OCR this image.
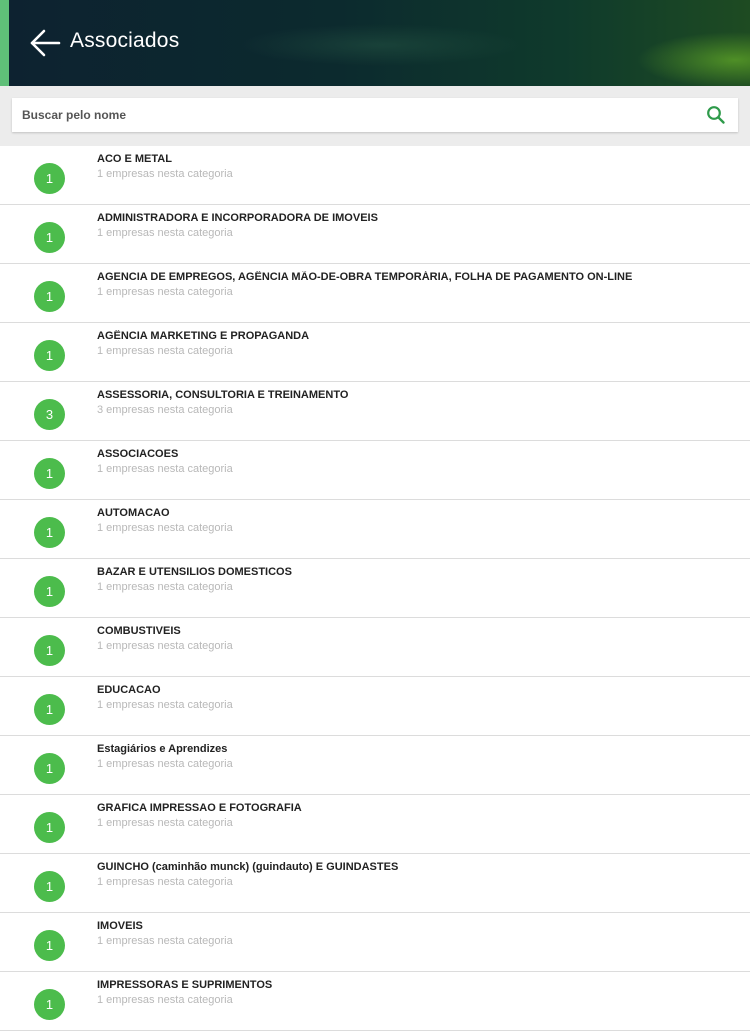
Associados
Buscar pelo nome
1
ACO E METAL
1 empresas nesta categoria
1
ADMINISTRADORA E INCORPORADORA DE IMOVEIS
1 empresas nesta categoria
1
AGENCIA DE EMPREGOS, AGÊNCIA MÃO-DE-OBRA TEMPORÁRIA, FOLHA DE PAGAMENTO ON-LINE
1 empresas nesta categoria
1
AGÊNCIA MARKETING E PROPAGANDA
1 empresas nesta categoria
3
ASSESSORIA, CONSULTORIA E TREINAMENTO
3 empresas nesta categoria
1
ASSOCIACOES
1 empresas nesta categoria
1
AUTOMACAO
1 empresas nesta categoria
1
BAZAR E UTENSILIOS DOMESTICOS
1 empresas nesta categoria
1
COMBUSTIVEIS
1 empresas nesta categoria
1
EDUCACAO
1 empresas nesta categoria
1
Estagiários e Aprendizes
1 empresas nesta categoria
1
GRAFICA IMPRESSAO E FOTOGRAFIA
1 empresas nesta categoria
1
GUINCHO (caminhão munck) (guindauto) E GUINDASTES
1 empresas nesta categoria
1
IMOVEIS
1 empresas nesta categoria
1
IMPRESSORAS E SUPRIMENTOS
1 empresas nesta categoria
